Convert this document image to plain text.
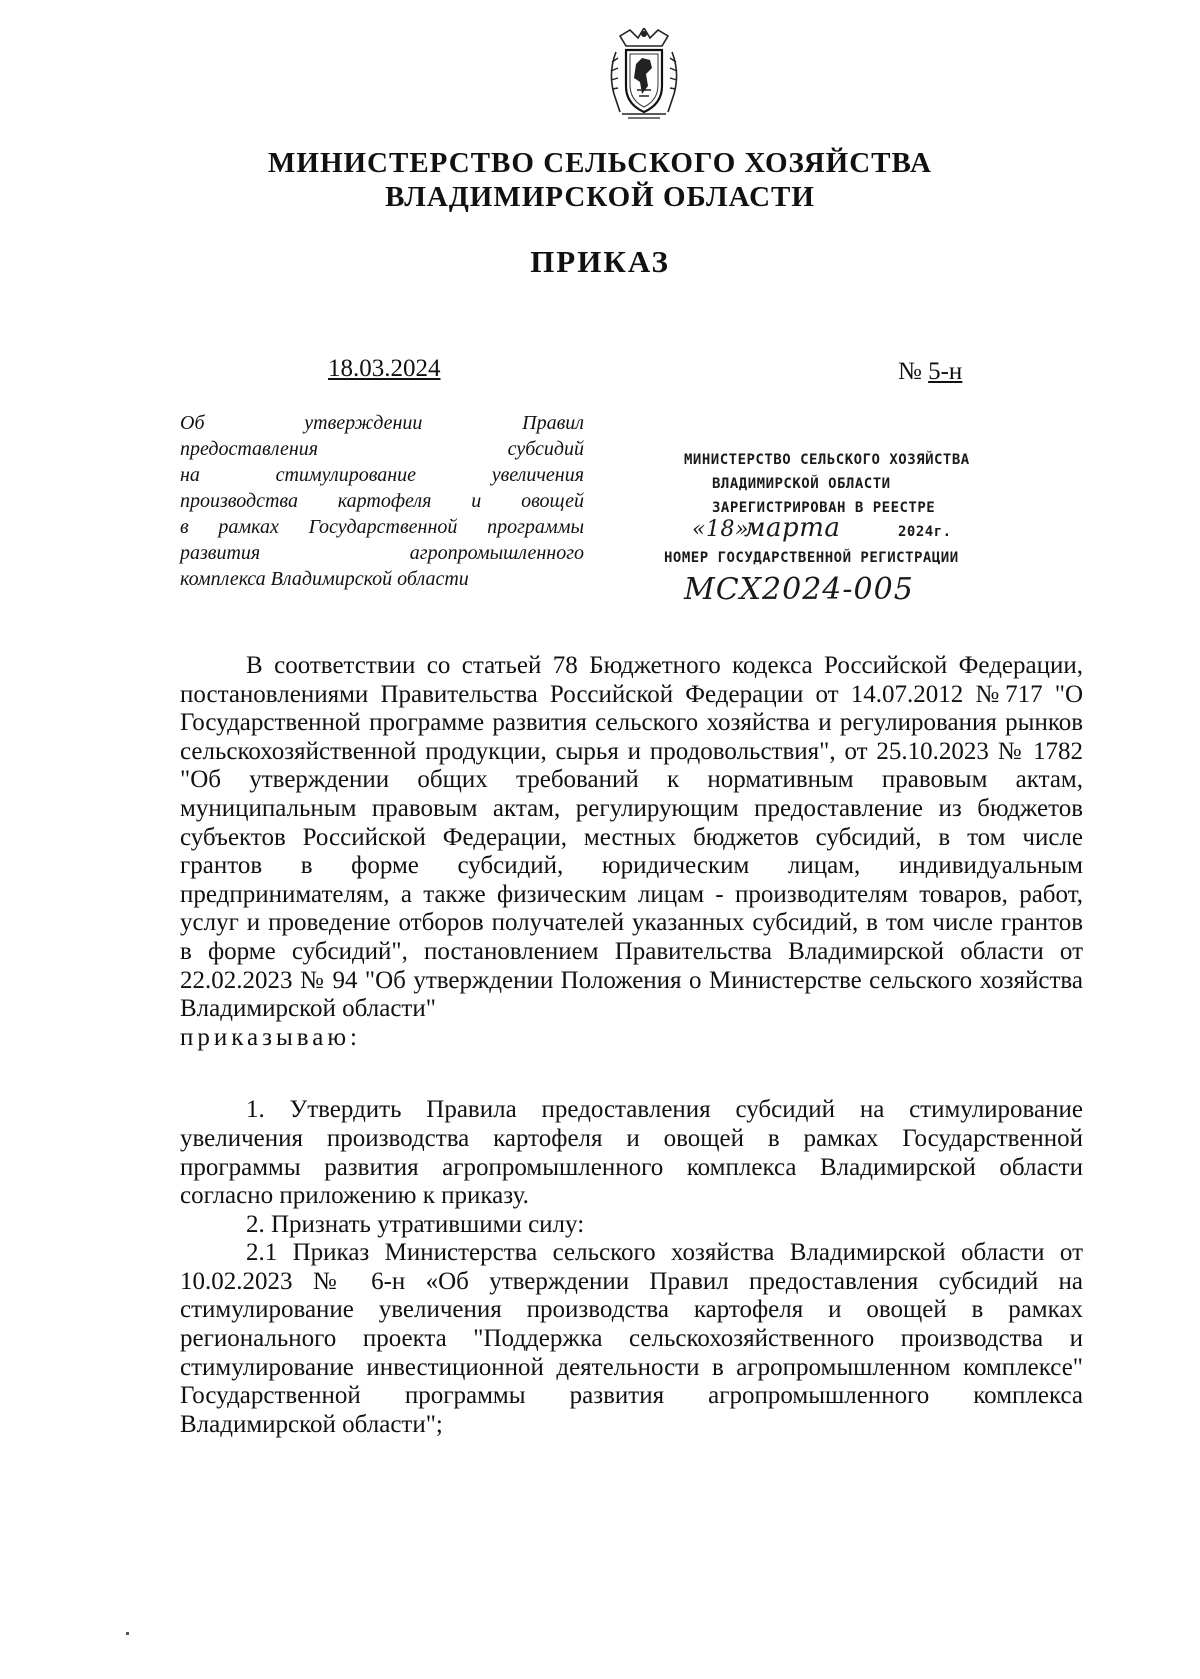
МИНИСТЕРСТВО СЕЛЬСКОГО ХОЗЯЙСТВА
ВЛАДИМИРСКОЙ ОБЛАСТИ
ПРИКАЗ
18.03.2024	№ 5-н
Об утверждении Правил
предоставления субсидий
на стимулирование увеличения
производства картофеля и овощей
в рамках Государственной программы
развития агропромышленного
комплекса Владимирской области
МИНИСТЕРСТВО СЕЛЬСКОГО ХОЗЯЙСТВА
ВЛАДИМИРСКОЙ ОБЛАСТИ
ЗАРЕГИСТРИРОВАН В РЕЕСТРЕ
«18»
марта	2024г.
НОМЕР ГОСУДАРСТВЕННОЙ РЕГИСТРАЦИИ
МСХ2024-005

В соответствии со статьей 78 Бюджетного кодекса Российской Федерации, постановлениями Правительства Российской Федерации от 14.07.2012 №717 "О Государственной программе развития сельского хозяйства и регулирования рынков сельскохозяйственной продукции, сырья и продовольствия", от 25.10.2023 № 1782 "Об утверждении общих требований к нормативным правовым актам, муниципальным правовым актам, регулирующим предоставление из бюджетов субъектов Российской Федерации, местных бюджетов субсидий, в том числе грантов в форме субсидий, юридическим лицам, индивидуальным предпринимателям, а также физическим лицам - производителям товаров, работ, услуг и проведение отборов получателей указанных субсидий, в том числе грантов в форме субсидий", постановлением Правительства Владимирской области от 22.02.2023 № 94 "Об утверждении Положения о Министерстве сельского хозяйства Владимирской области"

приказываю:

1. Утвердить Правила предоставления субсидий на стимулирование увеличения производства картофеля и овощей в рамках Государственной программы развития агропромышленного комплекса Владимирской области согласно приложению к приказу.

2. Признать утратившими силу:

2.1 Приказ Министерства сельского хозяйства Владимирской области от 10.02.2023 № 6-н «Об утверждении Правил предоставления субсидий на стимулирование увеличения производства картофеля и овощей в рамках регионального проекта "Поддержка сельскохозяйственного производства и стимулирование инвестиционной деятельности в агропромышленном комплексе" Государственной программы развития агропромышленного комплекса Владимирской области";
